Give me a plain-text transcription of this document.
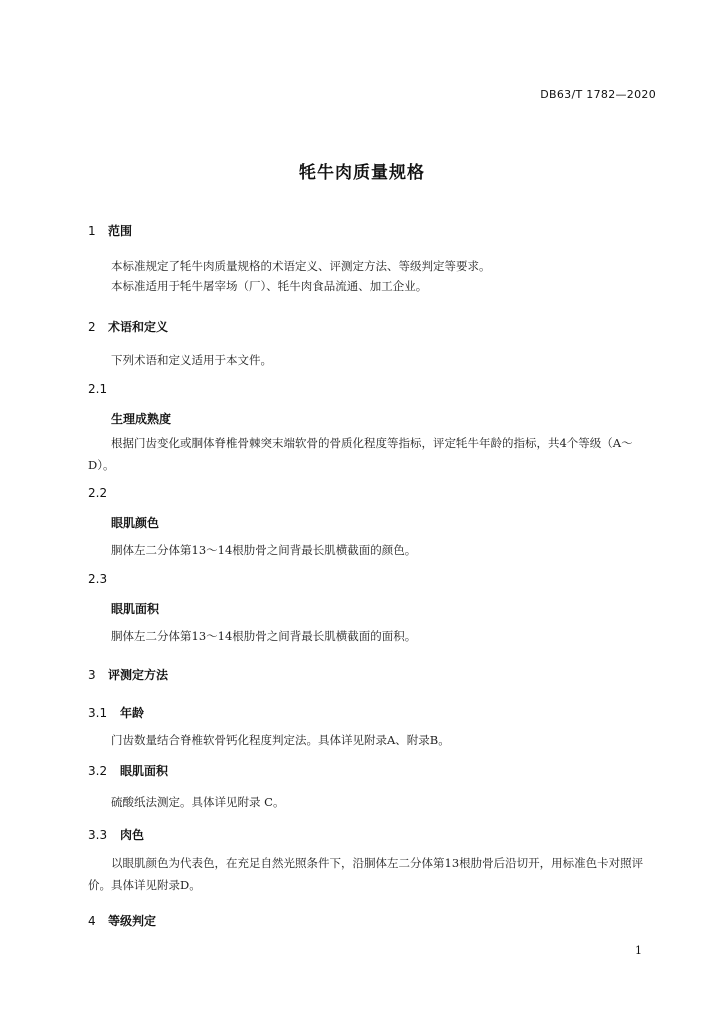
DB63/T 1782—2020
牦牛肉质量规格
1 范围
本标准规定了牦牛肉质量规格的术语定义、评测定方法、等级判定等要求。
本标准适用于牦牛屠宰场（厂）、牦牛肉食品流通、加工企业。
2 术语和定义
下列术语和定义适用于本文件。
2.1
生理成熟度
根据门齿变化或胴体脊椎骨棘突末端软骨的骨质化程度等指标，评定牦牛年龄的指标，共4个等级（A～D）。
2.2
眼肌颜色
胴体左二分体第13～14根肋骨之间背最长肌横截面的颜色。
2.3
眼肌面积
胴体左二分体第13～14根肋骨之间背最长肌横截面的面积。
3 评测定方法
3.1 年龄
门齿数量结合脊椎软骨钙化程度判定法。具体详见附录A、附录B。
3.2 眼肌面积
硫酸纸法测定。具体详见附录 C。
3.3 肉色
以眼肌颜色为代表色，在充足自然光照条件下，沿胴体左二分体第13根肋骨后沿切开，用标准色卡对照评价。具体详见附录D。
4 等级判定
1
